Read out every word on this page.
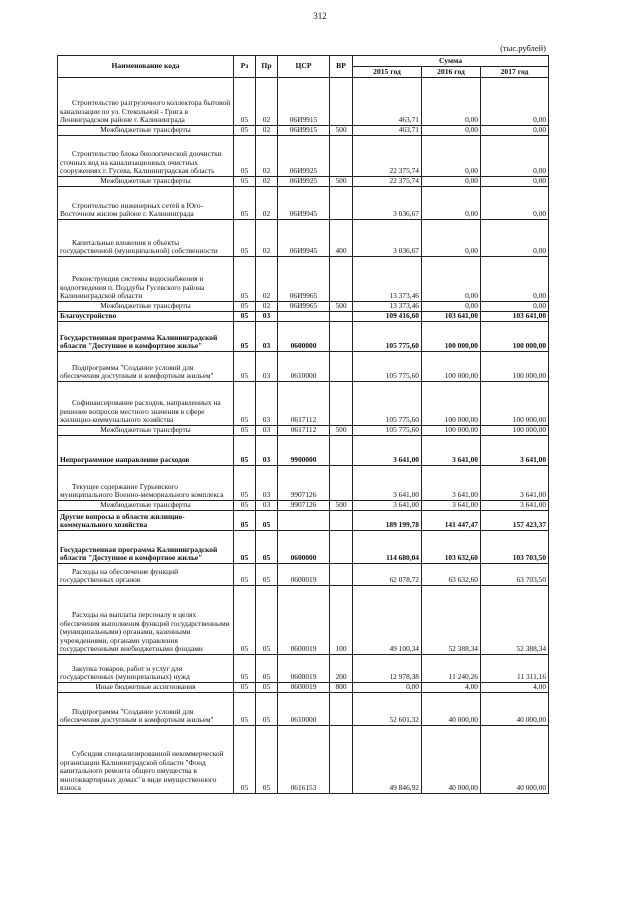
312
(тыс.рублей)
Наименование кода	Рз	Пр	ЦСР	ВР	Сумма		
					2015 год	2016 год	2017 год
Строительство разгрузочного коллектора бытовой канализации по ул. Стекольной - Грига в Ленинградском районе г. Калининграда	05	02	06И9915		463,71	0,00	0,00
Межбюджетные трансферты	05	02	06И9915	500	463,71	0,00	0,00
Строительство блока биологической доочистки сточных вод на канализационных очистных сооружениях г. Гусева, Калининградская область	05	02	06И9925		22 375,74	0,00	0,00
Межбюджетные трансферты	05	02	06И9925	500	22 375,74	0,00	0,00
Строительство инженерных сетей в Юго-Восточном жилом районе г. Калининграда	05	02	06И9945		3 036,67	0,00	0,00
Капитальные вложения в объекты государственной (муниципальной) собственности	05	02	06И9945	400	3 036,67	0,00	0,00
Реконструкция системы водоснабжения и водоотведения п. Поддубы Гусевского района Калининградской области	05	02	06И9965		13 373,46	0,00	0,00
Межбюджетные трансферты	05	02	06И9965	500	13 373,46	0,00	0,00
Благоустройство	05	03			109 416,60	103 641,00	103 641,00
Государственная программа Калининградской области "Доступное и комфортное жилье"	05	03	0600000		105 775,60	100 000,00	100 000,00
Подпрограмма "Создание условий для обеспечения доступным и комфортным жильем"	05	03	0610000		105 775,60	100 000,00	100 000,00
Софинансирование расходов, направленных на решение вопросов местного значения в сфере жилищно-коммунального хозяйства	05	03	0617112		105 775,60	100 000,00	100 000,00
Межбюджетные трансферты	05	03	0617112	500	105 775,60	100 000,00	100 000,00
Непрограммное направление расходов	05	03	9900000		3 641,00	3 641,00	3 641,00
Текущее содержание Гурьевского муниципального Военно-мемориального комплекса	05	03	9907126		3 641,00	3 641,00	3 641,00
Межбюджетные трансферты	05	03	9907126	500	3 641,00	3 641,00	3 641,00
Другие вопросы в области жилищно-коммунального хозяйства	05	05			189 199,78	141 447,47	157 423,37
Государственная программа Калининградской области "Доступное и комфортное жилье"	05	05	0600000		114 680,04	103 632,60	103 703,50
Расходы на обеспечение функций государственных органов	05	05	0600019		62 078,72	63 632,60	63 703,50
Расходы на выплаты персоналу в целях обеспечения выполнения функций государственными (муниципальными) органами, казенными учреждениями, органами управления государственными внебюджетными фондами	05	05	0600019	100	49 100,34	52 388,34	52 388,34
Закупка товаров, работ и услуг для государственных (муниципальных) нужд	05	05	0600019	200	12 978,38	11 240,26	11 311,16
Иные бюджетные ассигнования	05	05	0600019	800	0,00	4,00	4,00
Подпрограмма "Создание условий для обеспечения доступным и комфортным жильем"	05	05	0610000		52 601,32	40 000,00	40 000,00
Субсидия специализированной некоммерческой организации Калининградской области "Фонд капитального ремонта общего имущества в многоквартирных домах" в виде имущественного взноса	05	05	0616153		49 846,92	40 000,00	40 000,00
